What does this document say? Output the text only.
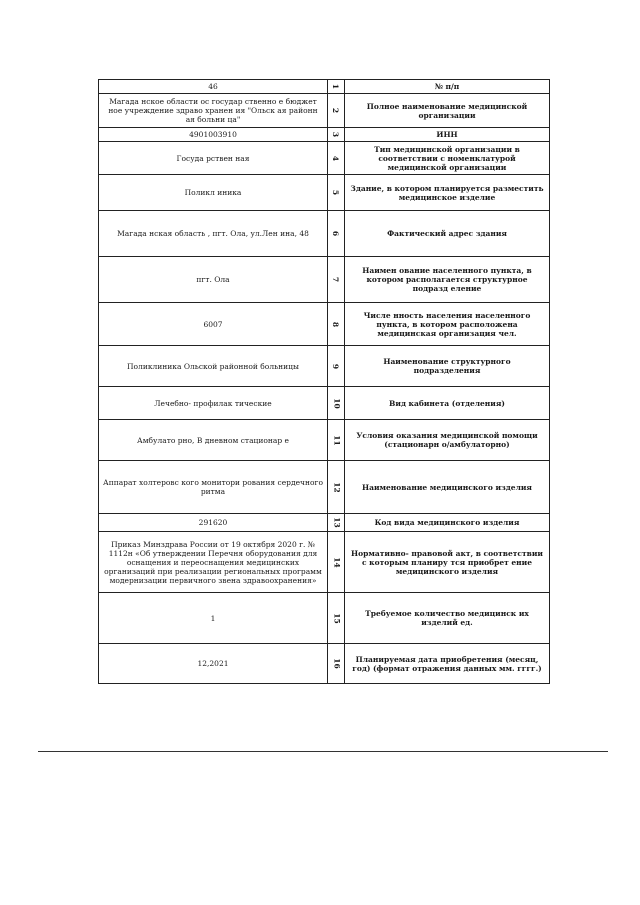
46	1	№ п/п
Магада нское области ос государ ственно е бюджет ное учреждение здраво хранен ия "Ольск ая районн ая больни ца"	2	Полное наименование медицинской организации
4901003910	3	ИНН
Госуда рствен ная	4	Тип медицинской организации в соответствии с номенклатурой медицинской организации
Поликл иника	5	Здание, в котором планируется разместить медицинское изделие
Магада нская область , пгт. Ола, ул.Лен ина, 48	6	Фактический адрес здания
пгт. Ола	7	Наимен ование населенного пункта, в котором располагается структурное подразд еление
6007	8	Числе нность населения населенного пункта, в котором расположена медицинская организация чел.
Поликлиника Ольской районной больницы	9	Наименование структурного подразделения
Лечебно- профилак тические	10	Вид кабинета (отделения)
Амбулато рно, В дневном стационар е	11	Условия оказания медицинской помощи (стационарн о/амбулаторно)
Аппарат холтеровс кого монитори рования сердечного ритма	12	Наименование медицинского изделия
291620	13	Код вида медицинского изделия
Приказ Минздрава России от 19 октября 2020 г. № 1112н «Об утверждении Перечня оборудования для оснащения и переоснащения медицинских организаций при реализации региональных программ модернизации первичного звена здравоохранения»	14	Нормативно- правовой акт, в соответствии с которым планиру тся приобрет ение медицинского изделия
1	15	Требуемое количество медицинск их изделий ед.
12,2021	16	Планируемая дата приобретения (месяц, год) (формат отражения данных мм. гггг.)
